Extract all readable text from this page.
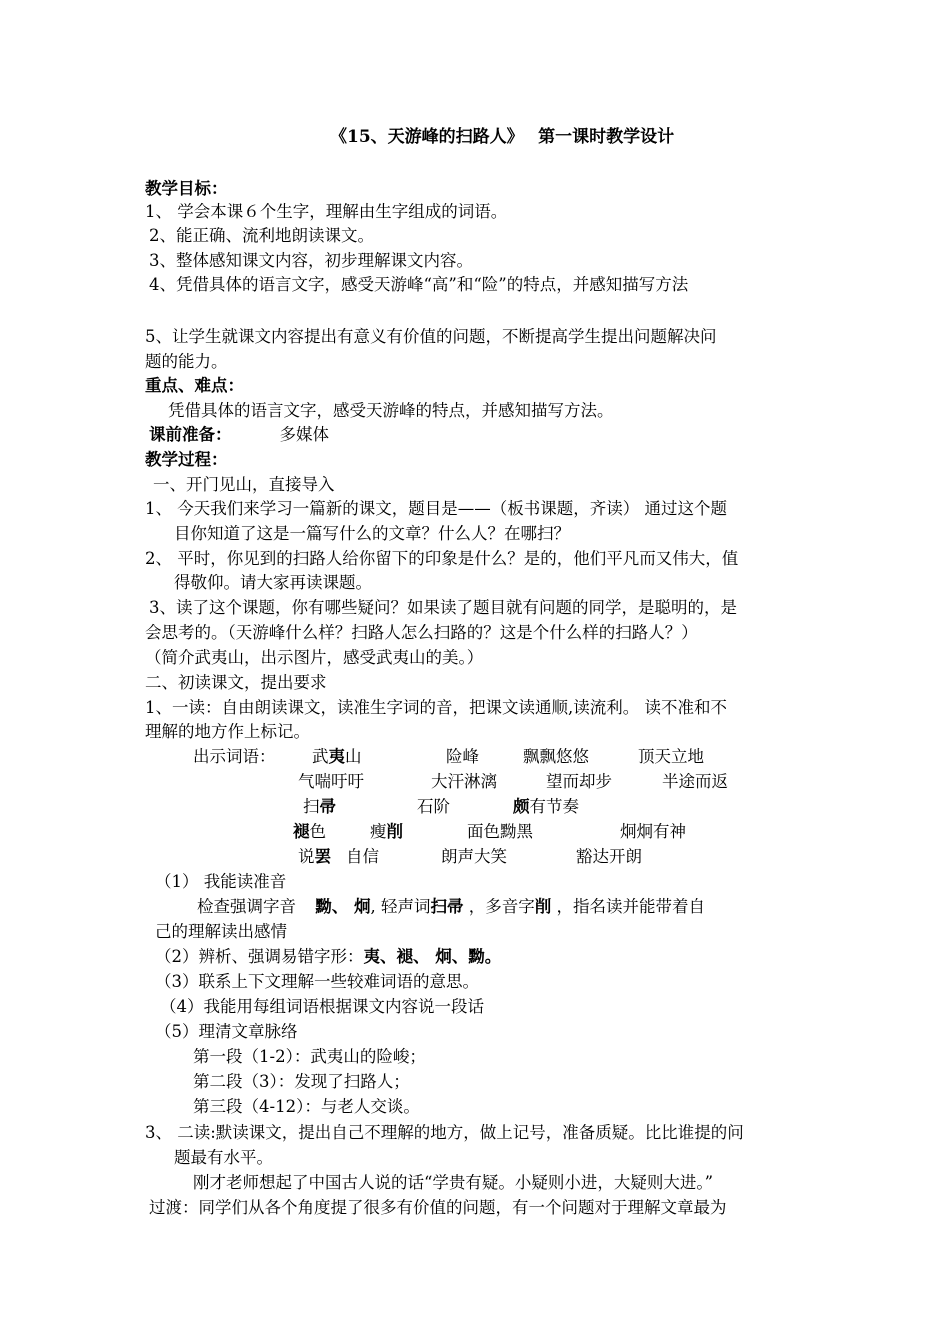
《15、天游峰的扫路人》　 第一课时教学设计
教学目标：
1、 学会本课６个生字，理解由生字组成的词语。
2、能正确、流利地朗读课文。
3、整体感知课文内容，初步理解课文内容。
4、凭借具体的语言文字，感受天游峰“高”和“险”的特点，并感知描写方法
5、让学生就课文内容提出有意义有价值的问题，不断提高学生提出问题解决问
题的能力。
重点、难点：
凭借具体的语言文字，感受天游峰的特点，并感知描写方法。
课前准备：	多媒体
教学过程：
一、开门见山，直接导入
1、 今天我们来学习一篇新的课文，题目是——（板书课题，齐读） 通过这个题
目你知道了这是一篇写什么的文章？什么人？在哪扫？
2、 平时，你见到的扫路人给你留下的印象是什么？是的，他们平凡而又伟大，值
得敬仰。请大家再读课题。
3、读了这个课题，你有哪些疑问？如果读了题目就有问题的同学，是聪明的，是
会思考的。（天游峰什么样？扫路人怎么扫路的？这是个什么样的扫路人？）
（简介武夷山，出示图片，感受武夷山的美。）
二、初读课文，提出要求
1、一读：自由朗读课文，读准生字词的音，把课文读通顺,读流利。 读不准和不
理解的地方作上标记。
出示词语： 武夷山	险峰	飘飘悠悠	顶天立地
气喘吁吁	大汗淋漓	望而却步	半途而返
扫帚	石阶	颇有节奏
褪色	瘦削	面色黝黑	炯炯有神
说罢 自信	朗声大笑	豁达开朗
（1） 我能读准音
检查强调字音 黝、 炯, 轻声词扫帚 ，多音字削 ，指名读并能带着自
己的理解读出感情
（2）辨析、强调易错字形：夷、褪、 炯、黝。
（3）联系上下文理解一些较难词语的意思。
（4）我能用每组词语根据课文内容说一段话
（5）理清文章脉络
第一段（1-2）：武夷山的险峻；
第二段（3）：发现了扫路人；
第三段（4-12）：与老人交谈。
3、 二读:默读课文，提出自己不理解的地方，做上记号，准备质疑。比比谁提的问
题最有水平。
刚才老师想起了中国古人说的话“学贵有疑。小疑则小进，大疑则大进。”
过渡：同学们从各个角度提了很多有价值的问题，有一个问题对于理解文章最为
